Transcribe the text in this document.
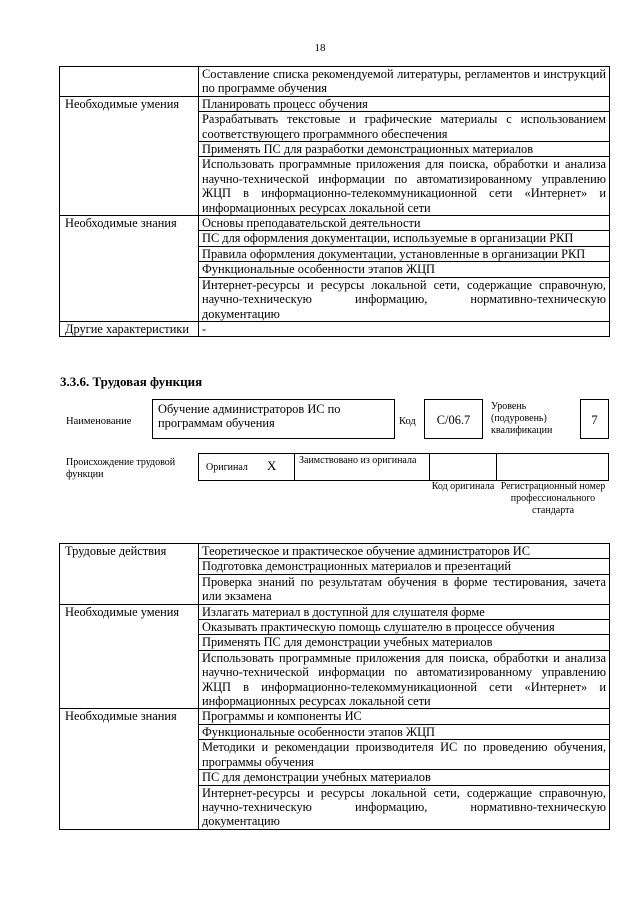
18
	Составление списка рекомендуемой литературы, регламентов и инструкций по программе обучения
Необходимые умения	Планировать процесс обучения
	Разрабатывать текстовые и графические материалы с использованием соответствующего программного обеспечения
	Применять ПС для разработки демонстрационных материалов
	Использовать программные приложения для поиска, обработки и анализа научно-технической информации по автоматизированному управлению ЖЦП в информационно-телекоммуникационной сети «Интернет» и информационных ресурсах локальной сети
Необходимые знания	Основы преподавательской деятельности
	ПС для оформления документации, используемые в организации РКП
	Правила оформления документации, установленные в организации РКП
	Функциональные особенности этапов ЖЦП
	Интернет-ресурсы и ресурсы локальной сети, содержащие справочную, научно-техническую информацию, нормативно-техническую документацию
Другие характеристики	-
3.3.6. Трудовая функция
Наименование
Обучение администраторов ИС по программам обучения	Код	С/06.7
Уровень (подуровень) квалификации
7
Происхождение трудовой функции
Оригинал X Заимствовано из оригинала
Код оригинала Регистрационный номер профессионального стандарта
Трудовые действия	Теоретическое и практическое обучение администраторов ИС
	Подготовка демонстрационных материалов и презентаций
	Проверка знаний по результатам обучения в форме тестирования, зачета или экзамена
Необходимые умения	Излагать материал в доступной для слушателя форме
	Оказывать практическую помощь слушателю в процессе обучения
	Применять ПС для демонстрации учебных материалов
	Использовать программные приложения для поиска, обработки и анализа научно-технической информации по автоматизированному управлению ЖЦП в информационно-телекоммуникационной сети «Интернет» и информационных ресурсах локальной сети
Необходимые знания	Программы и компоненты ИС
	Функциональные особенности этапов ЖЦП
	Методики и рекомендации производителя ИС по проведению обучения, программы обучения
	ПС для демонстрации учебных материалов
	Интернет-ресурсы и ресурсы локальной сети, содержащие справочную, научно-техническую информацию, нормативно-техническую документацию
